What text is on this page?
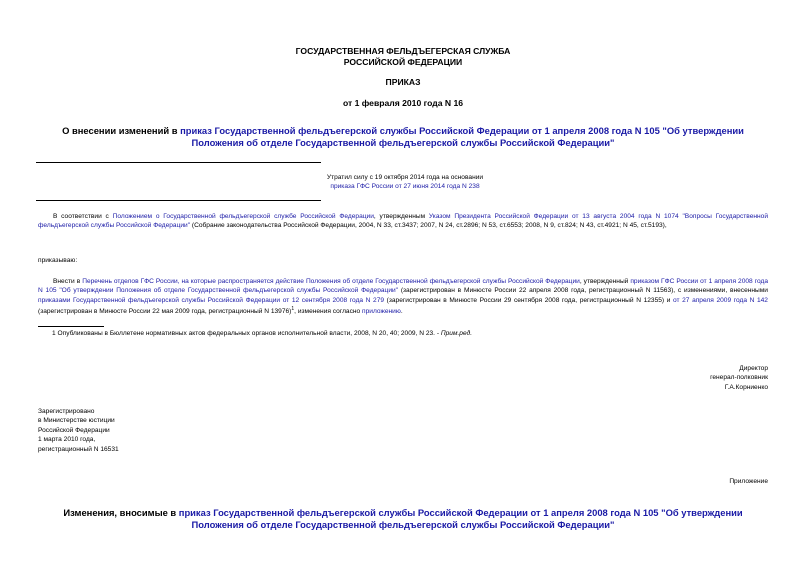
ГОСУДАРСТВЕННАЯ ФЕЛЬДЪЕГЕРСКАЯ СЛУЖБА
РОССИЙСКОЙ ФЕДЕРАЦИИ
ПРИКАЗ
от 1 февраля 2010 года N 16
О внесении изменений в приказ Государственной фельдъегерской службы Российской Федерации от 1 апреля 2008 года N 105 "Об утверждении Положения об отделе Государственной фельдъегерской службы Российской Федерации"
Утратил силу с 19 октября 2014 года на основании
приказа ГФС России от 27 июня 2014 года N 238
В соответствии с Положением о Государственной фельдъегерской службе Российской Федерации, утвержденным Указом Президента Российской Федерации от 13 августа 2004 года N 1074 "Вопросы Государственной фельдъегерской службы Российской Федерации" (Собрание законодательства Российской Федерации, 2004, N 33, ст.3437; 2007, N 24, ст.2896; N 53, ст.6553; 2008, N 9, ст.824; N 43, ст.4921; N 45, ст.5193),
приказываю:
Внести в Перечень отделов ГФС России, на которые распространяется действие Положения об отделе Государственной фельдъегерской службы Российской Федерации, утвержденный приказом ГФС России от 1 апреля 2008 года N 105 "Об утверждении Положения об отделе Государственной фельдъегерской службы Российской Федерации" (зарегистрирован в Минюсте России 22 апреля 2008 года, регистрационный N 11563), с изменениями, внесенными приказами Государственной фельдъегерской службы Российской Федерации от 12 сентября 2008 года N 279 (зарегистрирован в Минюсте России 29 сентября 2008 года, регистрационный N 12355) и от 27 апреля 2009 года N 142 (зарегистрирован в Минюсте России 22 мая 2009 года, регистрационный N 13976)$^1$, изменения согласно приложению.
1 Опубликованы в Бюллетене нормативных актов федеральных органов исполнительной власти, 2008, N 20, 40; 2009, N 23. - Прим.ред.
Директор
генерал-полковник
Г.А.Корниенко
Зарегистрировано
в Министерстве юстиции
Российской Федерации
1 марта 2010 года,
регистрационный N 16531
Приложение
Изменения, вносимые в приказ Государственной фельдъегерской службы Российской Федерации от 1 апреля 2008 года N 105 "Об утверждении Положения об отделе Государственной фельдъегерской службы Российской Федерации"
